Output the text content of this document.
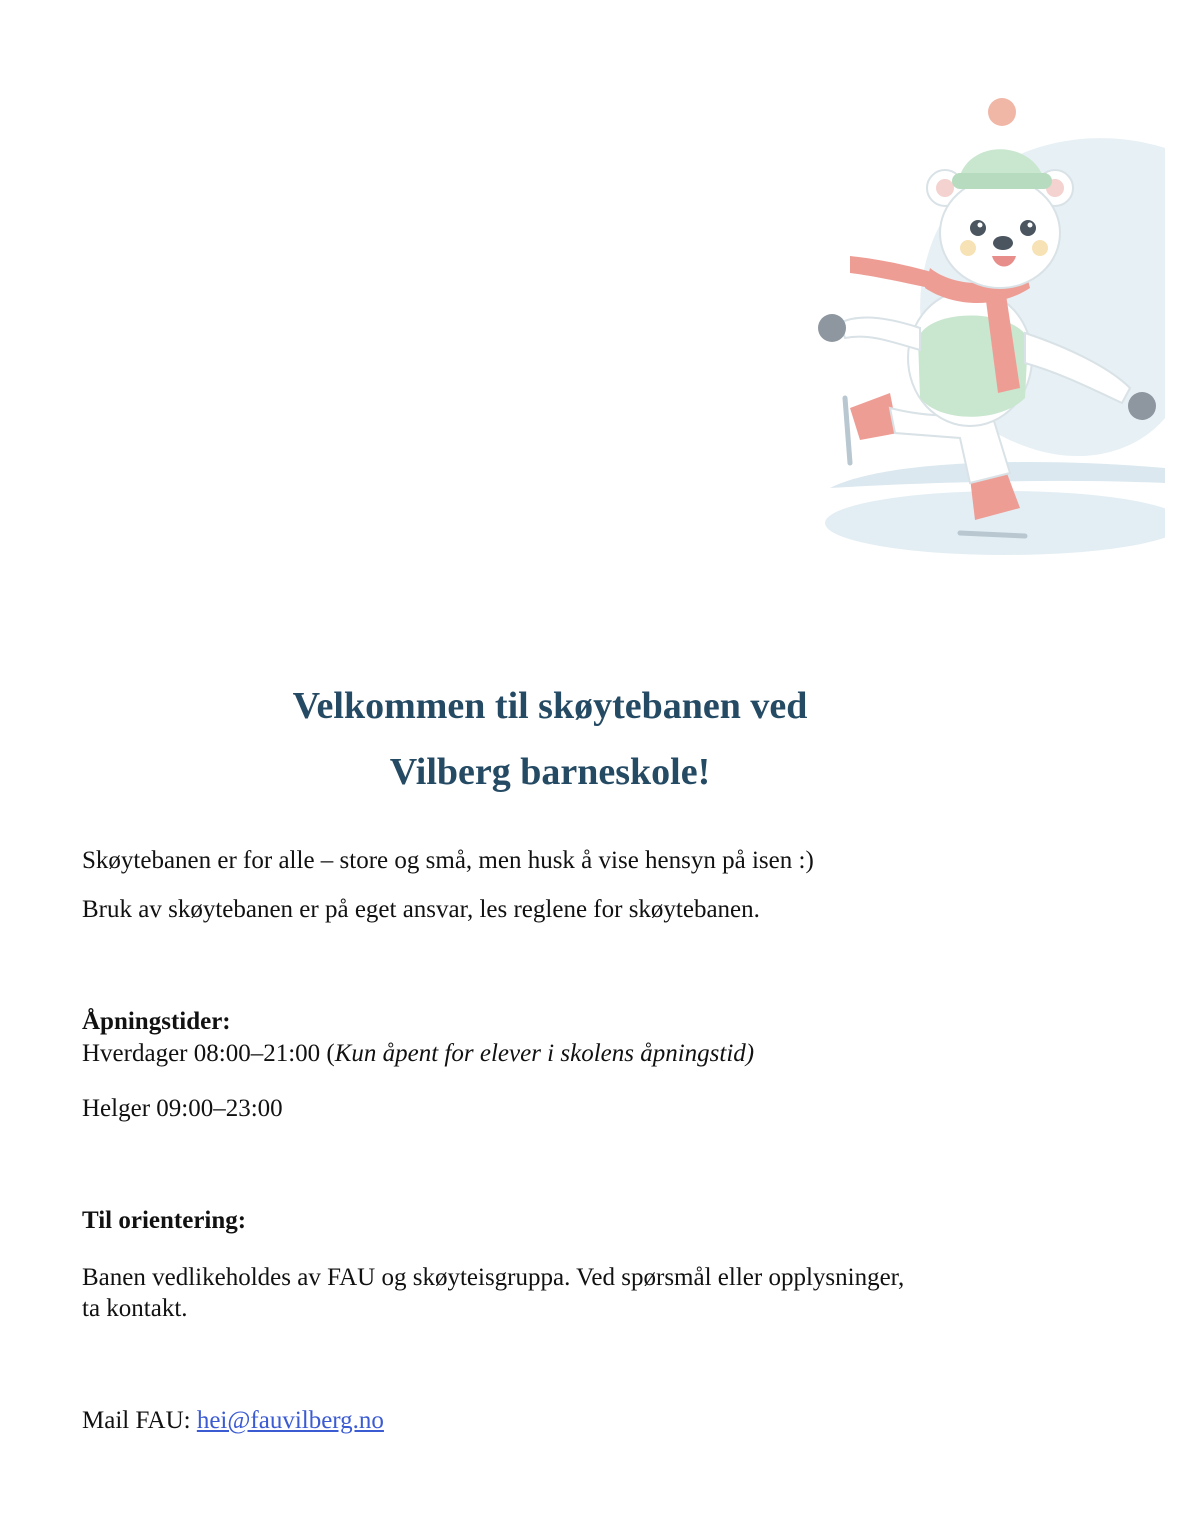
Velkommen til skøytebanen ved
Vilberg barneskole!
Skøytebanen er for alle – store og små, men husk å vise hensyn på isen :)
Bruk av skøytebanen er på eget ansvar, les reglene for skøytebanen.
Åpningstider:
Hverdager 08:00–21:00 (Kun åpent for elever i skolens åpningstid)
Helger 09:00–23:00
Til orientering:
Banen vedlikeholdes av FAU og skøyteisgruppa. Ved spørsmål eller opplysninger,
ta kontakt.
Mail FAU: hei@fauvilberg.no
